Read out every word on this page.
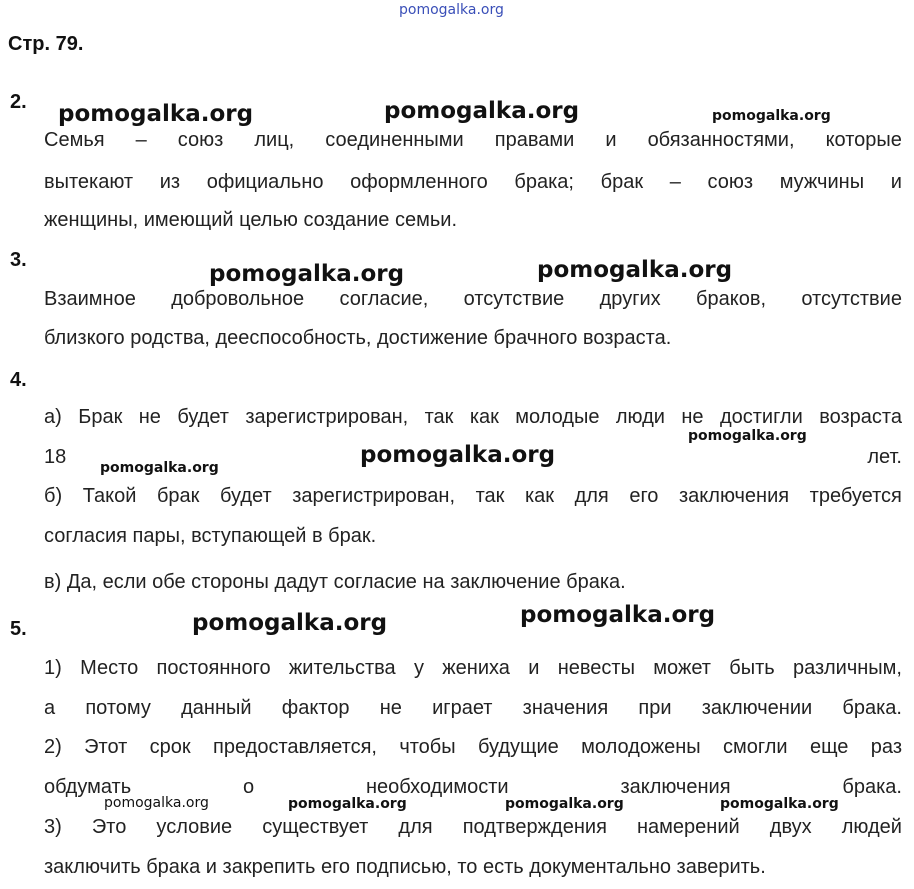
pomogalka.org
Стр. 79.
2. pomogalka.org	pomogalka.org	pomogalka.org
Семья – союз лиц, соединенными правами и обязанностями, которые
вытекают из официально оформленного брака; брак – союз мужчины и
женщины, имеющий целью создание семьи.
3.
pomogalka.org	pomogalka.org
Взаимное добровольное согласие, отсутствие других браков, отсутствие
близкого родства, дееспособность, достижение брачного возраста.
4.
а) Брак не будет зарегистрирован, так как молодые люди не достигли возраста
pomogalka.org
18	лет.
pomogalka.org	pomogalka.org
б) Такой брак будет зарегистрирован, так как для его заключения требуется
согласия пары, вступающей в брак.
в) Да, если обе стороны дадут согласие на заключение брака.
5.	pomogalka.org	pomogalka.org
1) Место постоянного жительства у жениха и невесты может быть различным,
а потому данный фактор не играет значения при заключении брака.
2) Этот срок предоставляется, чтобы будущие молодожены смогли еще раз
обдумать	о	необходимости	заключения	брака.
pomogalka.org	pomogalka.org	pomogalka.org	pomogalka.org
3) Это условие существует для подтверждения намерений двух людей
заключить брака и закрепить его подписью, то есть документально заверить.
